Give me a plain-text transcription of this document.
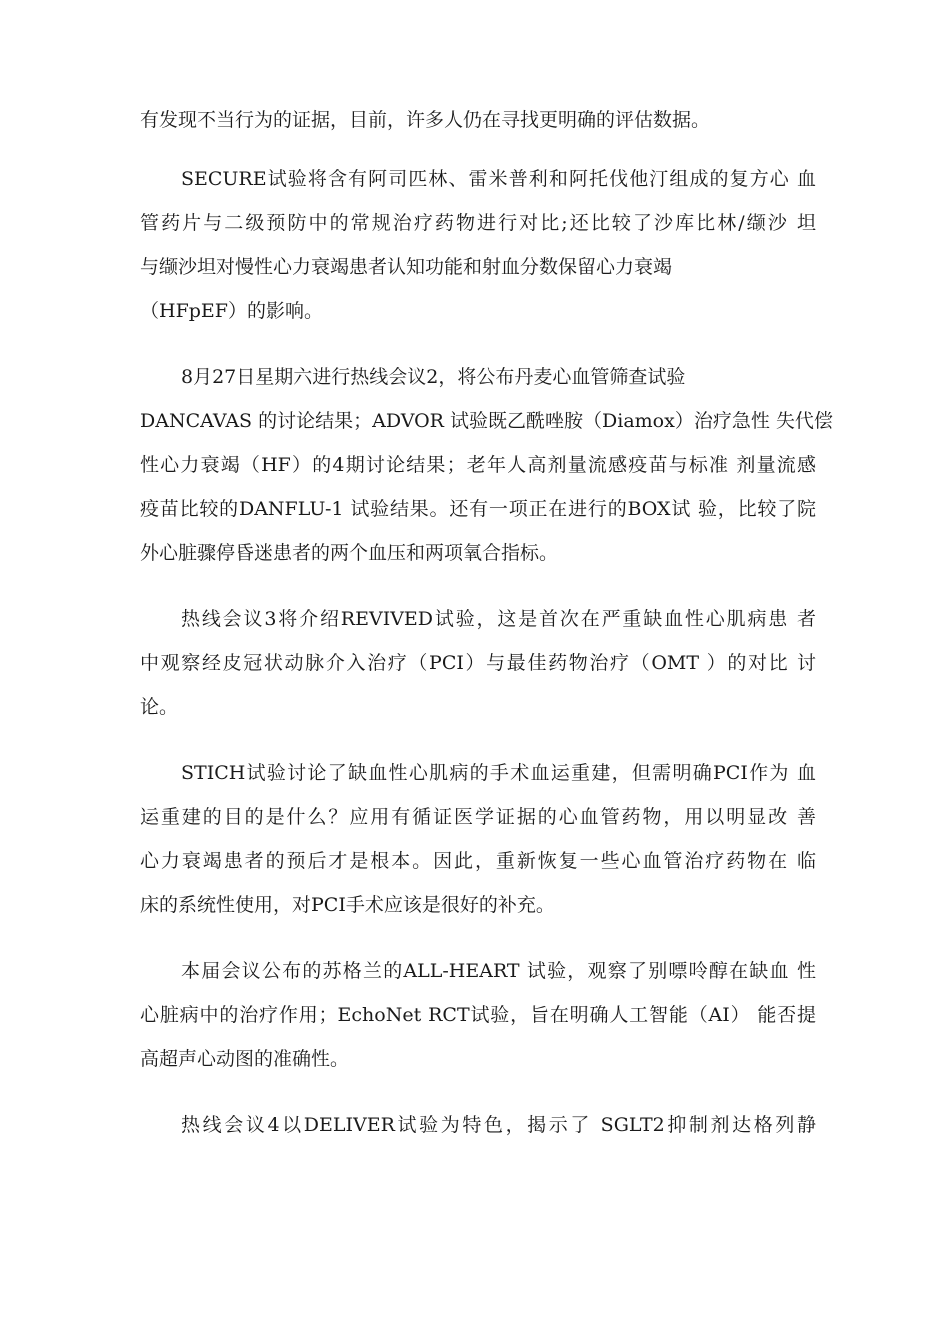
有发现不当行为的证据，目前，许多人仍在寻找更明确的评估数据。

SECURE试验将含有阿司匹林、雷米普利和阿托伐他汀组成的复方心 血

管药片与二级预防中的常规治疗药物进行对比;还比较了沙库比林/缬沙 坦

与缬沙坦对慢性心力衰竭患者认知功能和射血分数保留心力衰竭

（HFpEF）的影响。

8月27日星期六进行热线会议2，将公布丹麦心血管筛查试验

DANCAVAS 的讨论结果；ADVOR 试验既乙酰唑胺（Diamox）治疗急性 失代偿

性心力衰竭（HF）的4期讨论结果；老年人高剂量流感疫苗与标准 剂量流感

疫苗比较的DANFLU-1 试验结果。还有一项正在进行的BOX试 验，比较了院

外心脏骤停昏迷患者的两个血压和两项氧合指标。

热线会议3将介绍REVIVED试验，这是首次在严重缺血性心肌病患 者

中观察经皮冠状动脉介入治疗（PCI）与最佳药物治疗（OMT ）的对比 讨

论。

STICH试验讨论了缺血性心肌病的手术血运重建，但需明确PCI作为 血

运重建的目的是什么？应用有循证医学证据的心血管药物，用以明显改 善

心力衰竭患者的预后才是根本。因此，重新恢复一些心血管治疗药物在 临

床的系统性使用，对PCI手术应该是很好的补充。

本届会议公布的苏格兰的ALL-HEART 试验，观察了别嘌呤醇在缺血 性

心脏病中的治疗作用；EchoNet RCT试验，旨在明确人工智能（AI） 能否提

高超声心动图的准确性。

热线会议4以DELIVER试验为特色，揭示了 SGLT2抑制剂达格列静
